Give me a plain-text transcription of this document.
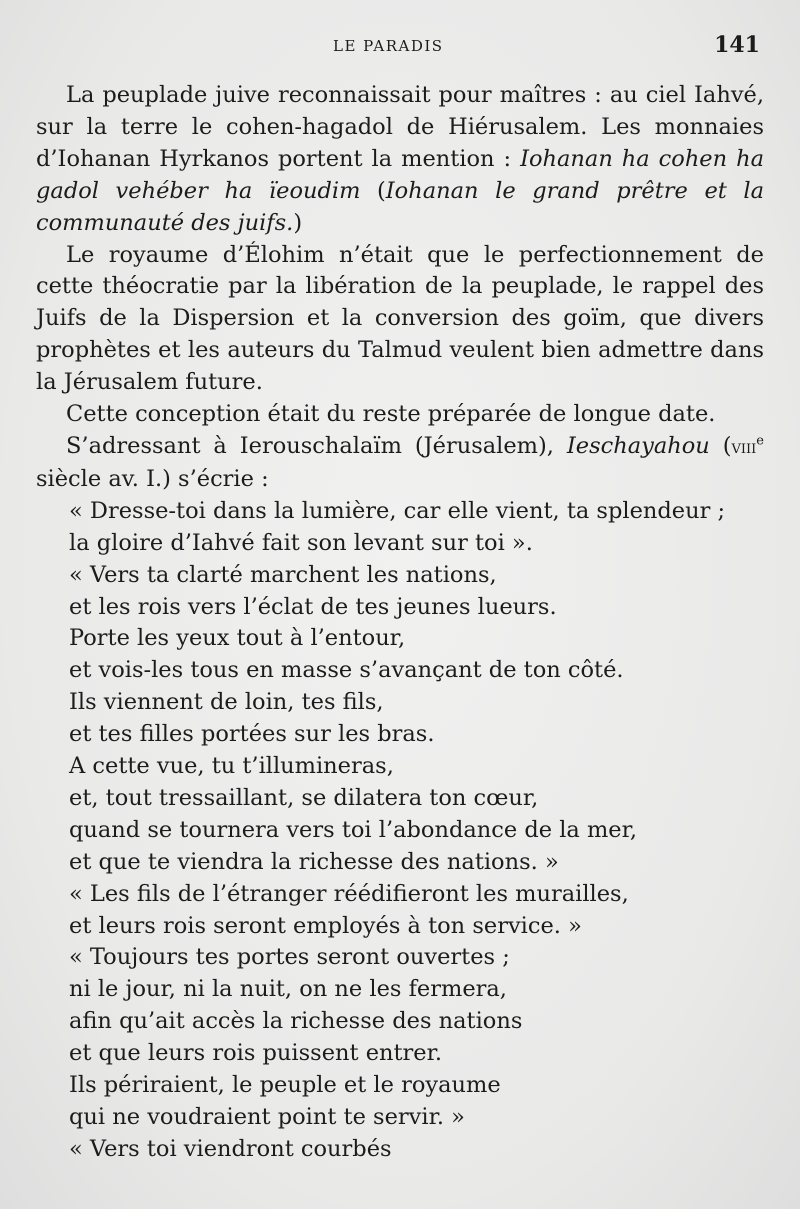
LE PARADIS	141

La peuplade juive reconnaissait pour maîtres : au ciel Iahvé, sur la terre le cohen-hagadol de Hiérusalem. Les monnaies d’Iohanan Hyrkanos portent la mention : Iohanan ha cohen ha gadol vehéber ha ïeoudim (Iohanan le grand prêtre et la communauté des juifs.)

Le royaume d’Élohim n’était que le perfectionnement de cette théocratie par la libération de la peuplade, le rappel des Juifs de la Dispersion et la conversion des goïm, que divers prophètes et les auteurs du Talmud veulent bien admettre dans la Jérusalem future.

Cette conception était du reste préparée de longue date.

S’adressant à Ierouschalaïm (Jérusalem), Ieschayahou (viii$^e$ siècle av. I.) s’écrie :

« Dresse-toi dans la lumière, car elle vient, ta splendeur ;

la gloire d’Iahvé fait son levant sur toi ».

« Vers ta clarté marchent les nations,

et les rois vers l’éclat de tes jeunes lueurs.

Porte les yeux tout à l’entour,

et vois-les tous en masse s’avançant de ton côté.

Ils viennent de loin, tes fils,

et tes filles portées sur les bras.

A cette vue, tu t’illumineras,

et, tout tressaillant, se dilatera ton cœur,

quand se tournera vers toi l’abondance de la mer,

et que te viendra la richesse des nations. »

« Les fils de l’étranger réédifieront les murailles,

et leurs rois seront employés à ton service. »

« Toujours tes portes seront ouvertes ;

ni le jour, ni la nuit, on ne les fermera,

afin qu’ait accès la richesse des nations

et que leurs rois puissent entrer.

Ils périraient, le peuple et le royaume

qui ne voudraient point te servir. »

« Vers toi viendront courbés
